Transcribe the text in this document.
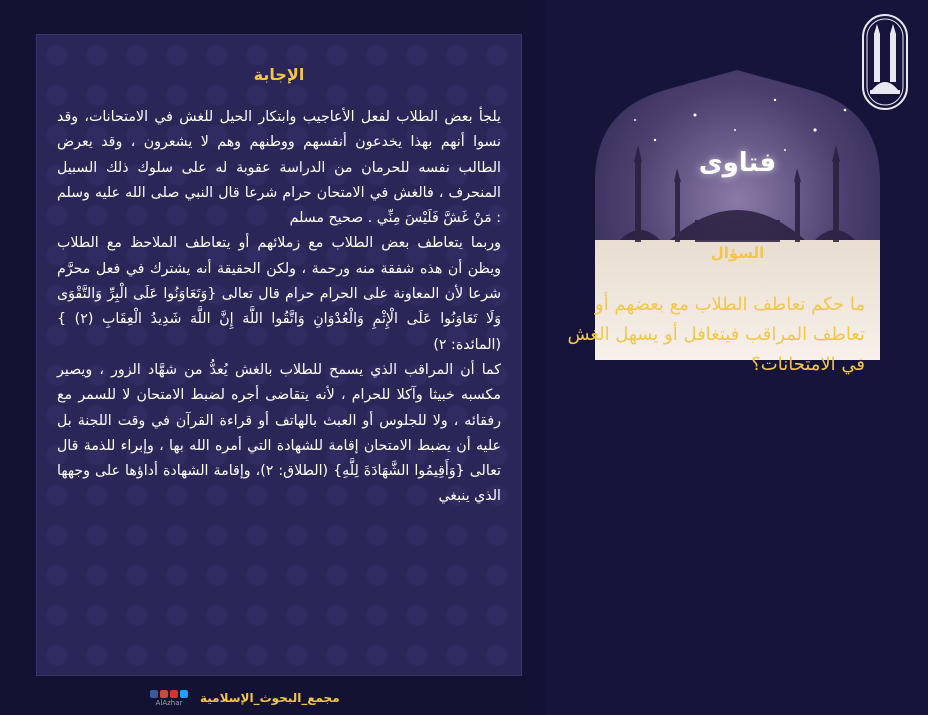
الإجابة

يلجأ بعض الطلاب لفعل الأعاجيب وابتكار الحيل للغش في الامتحانات، وقد نسوا أنهم بهذا يخدعون أنفسهم ووطنهم وهم لا يشعرون ، وقد يعرض الطالب نفسه للحرمان من الدراسة عقوبة له على سلوك ذلك السبيل المنحرف ، فالغش في الامتحان حرام شرعا قال النبي صلى الله عليه وسلم : مَنْ غَشَّ فَلَيْسَ مِنِّي . صحيح مسلم

وربما يتعاطف بعض الطلاب مع زملائهم أو يتعاطف الملاحظ مع الطلاب ويظن أن هذه شفقة منه ورحمة ، ولكن الحقيقة أنه يشترك في فعل محرَّم شرعا لأن المعاونة على الحرام حرام قال تعالى {وَتَعَاوَنُوا عَلَى الْبِرِّ وَالتَّقْوَى وَلَا تَعَاوَنُوا عَلَى الْإِثْمِ وَالْعُدْوَانِ وَاتَّقُوا اللَّهَ إِنَّ اللَّهَ شَدِيدُ الْعِقَابِ (٢) } (المائدة: ٢)

كما أن المراقب الذي يسمح للطلاب بالغش يُعدُّ من شهَّاد الزور ، ويصير مكسبه خبيثا وآكلا للحرام ، لأنه يتقاضى أجره لضبط الامتحان لا للسمر مع رفقائه ، ولا للجلوس أو العبث بالهاتف أو قراءة القرآن في وقت اللجنة بل عليه أن يضبط الامتحان إقامة للشهادة التي أمره الله بها ، وإبراء للذمة قال تعالى {وَأَقِيمُوا الشَّهَادَةَ لِلَّهِ} (الطلاق: ٢)، وإقامة الشهادة أداؤها على وجهها الذي ينبغي

AlAzhar مجمع_البحوث_الإسلامية
فتاوى
السؤال
ما حكم تعاطف الطلاب مع بعضهم أو تعاطف المراقب فيتغافل أو يسهل الغش في الامتحانات؟
